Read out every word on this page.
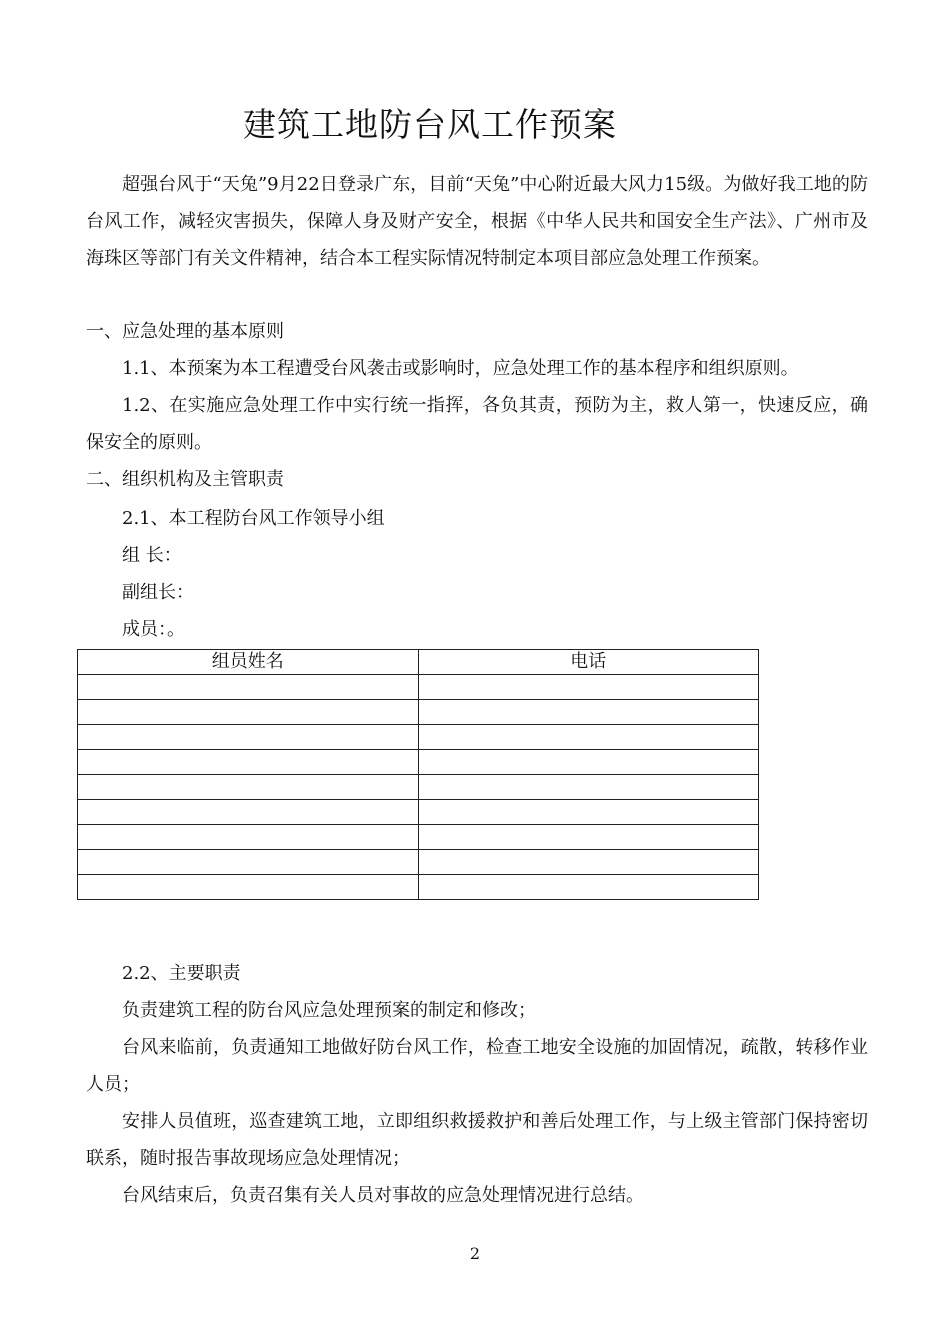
建筑工地防台风工作预案
超强台风于“天兔”9月22日登录广东，目前“天兔”中心附近最大风力15级。为做好我工地的防台风工作，减轻灾害损失，保障人身及财产安全，根据《中华人民共和国安全生产法》、广州市及海珠区等部门有关文件精神，结合本工程实际情况特制定本项目部应急处理工作预案。
一、应急处理的基本原则
1.1、本预案为本工程遭受台风袭击或影响时，应急处理工作的基本程序和组织原则。
1.2、在实施应急处理工作中实行统一指挥，各负其责，预防为主，救人第一，快速反应，确保安全的原则。
二、组织机构及主管职责
2.1、本工程防台风工作领导小组
组 长：
副组长：
成员：。
组员姓名	电话

2.2、主要职责
负责建筑工程的防台风应急处理预案的制定和修改；
台风来临前，负责通知工地做好防台风工作，检查工地安全设施的加固情况，疏散，转移作业人员；
安排人员值班，巡查建筑工地，立即组织救援救护和善后处理工作，与上级主管部门保持密切联系，随时报告事故现场应急处理情况；
台风结束后，负责召集有关人员对事故的应急处理情况进行总结。
2
